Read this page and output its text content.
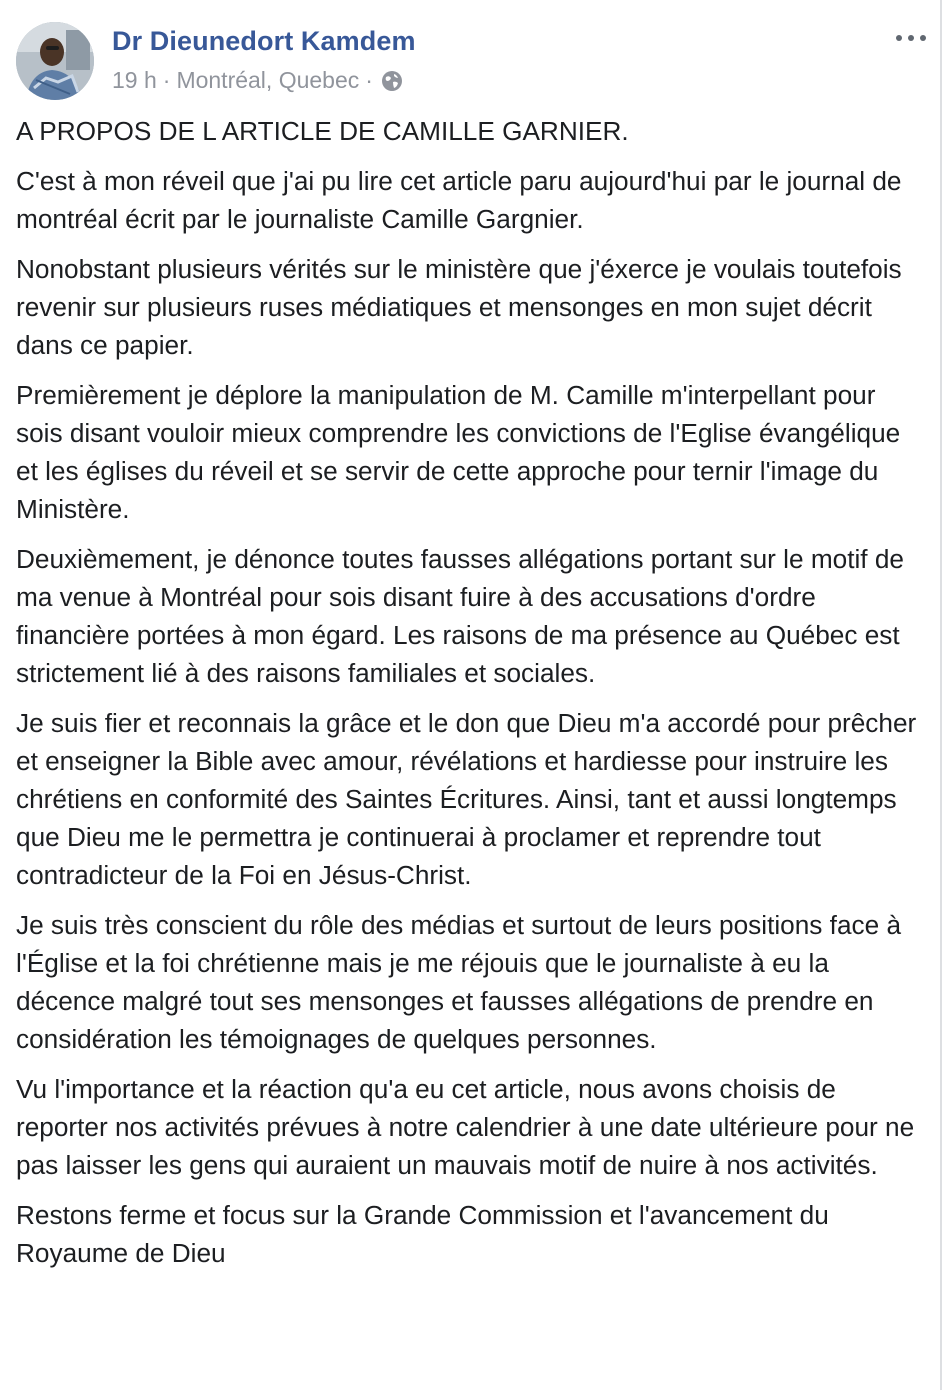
Dr Dieunedort Kamdem
19 h · Montréal, Quebec ·

A PROPOS DE L ARTICLE DE CAMILLE GARNIER.

C'est à mon réveil que j'ai pu lire cet article paru aujourd'hui par le journal de montréal écrit par le journaliste Camille Gargnier.

Nonobstant plusieurs vérités sur le ministère que j'éxerce je voulais toutefois revenir sur plusieurs ruses médiatiques et mensonges en mon sujet décrit dans ce papier.

Premièrement je déplore la manipulation de M. Camille m'interpellant pour sois disant vouloir mieux comprendre les convictions de l'Eglise évangélique et les églises du réveil et se servir de cette approche pour ternir l'image du Ministère.

Deuxièmement, je dénonce toutes fausses allégations portant sur le motif de ma venue à Montréal pour sois disant fuire à des accusations d'ordre financière portées à mon égard. Les raisons de ma présence au Québec est strictement lié à des raisons familiales et sociales.

Je suis fier et reconnais la grâce et le don que Dieu m'a accordé pour prêcher et enseigner la Bible avec amour, révélations et hardiesse pour instruire les chrétiens en conformité des Saintes Écritures. Ainsi, tant et aussi longtemps que Dieu me le permettra je continuerai à proclamer et reprendre tout contradicteur de la Foi en Jésus-Christ.

Je suis très conscient du rôle des médias et surtout de leurs positions face à l'Église et la foi chrétienne mais je me réjouis que le journaliste à eu la décence malgré tout ses mensonges et fausses allégations de prendre en considération les témoignages de quelques personnes.

Vu l'importance et la réaction qu'a eu cet article, nous avons choisis de reporter nos activités prévues à notre calendrier à une date ultérieure pour ne pas laisser les gens qui auraient un mauvais motif de nuire à nos activités.

Restons ferme et focus sur la Grande Commission et l'avancement du Royaume de Dieu
